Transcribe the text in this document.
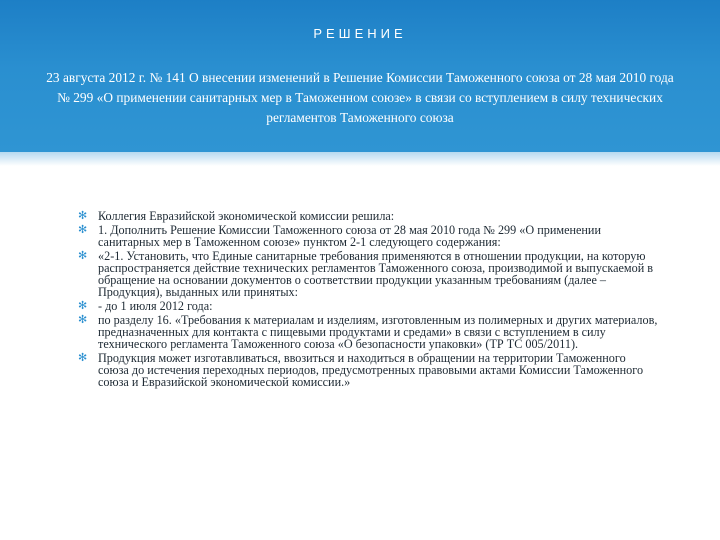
РЕШЕНИЕ
23 августа 2012 г. № 141 О внесении изменений в Решение Комиссии Таможенного союза от 28 мая 2010 года № 299 «О применении санитарных мер в Таможенном союзе» в связи со вступлением в силу технических регламентов Таможенного союза
✻ Коллегия Евразийской экономической комиссии решила:
✻ 1. Дополнить Решение Комиссии Таможенного союза от 28 мая 2010 года № 299 «О применении санитарных мер в Таможенном союзе» пунктом 2-1 следующего содержания:
✻ «2-1. Установить, что Единые санитарные требования применяются в отношении продукции, на которую распространяется действие технических регламентов Таможенного союза, производимой и выпускаемой в обращение на основании документов о соответствии продукции указанным требованиям (далее – Продукция), выданных или принятых:
✻ - до 1 июля 2012 года:
✻ по разделу 16. «Требования к материалам и изделиям, изготовленным из полимерных и других материалов, предназначенных для контакта с пищевыми продуктами и средами» в связи с вступлением в силу технического регламента Таможенного союза «О безопасности упаковки» (ТР ТС 005/2011).
✻ Продукция может изготавливаться, ввозиться и находиться в обращении на территории Таможенного союза до истечения переходных периодов, предусмотренных правовыми актами Комиссии Таможенного союза и Евразийской экономической комиссии.»
